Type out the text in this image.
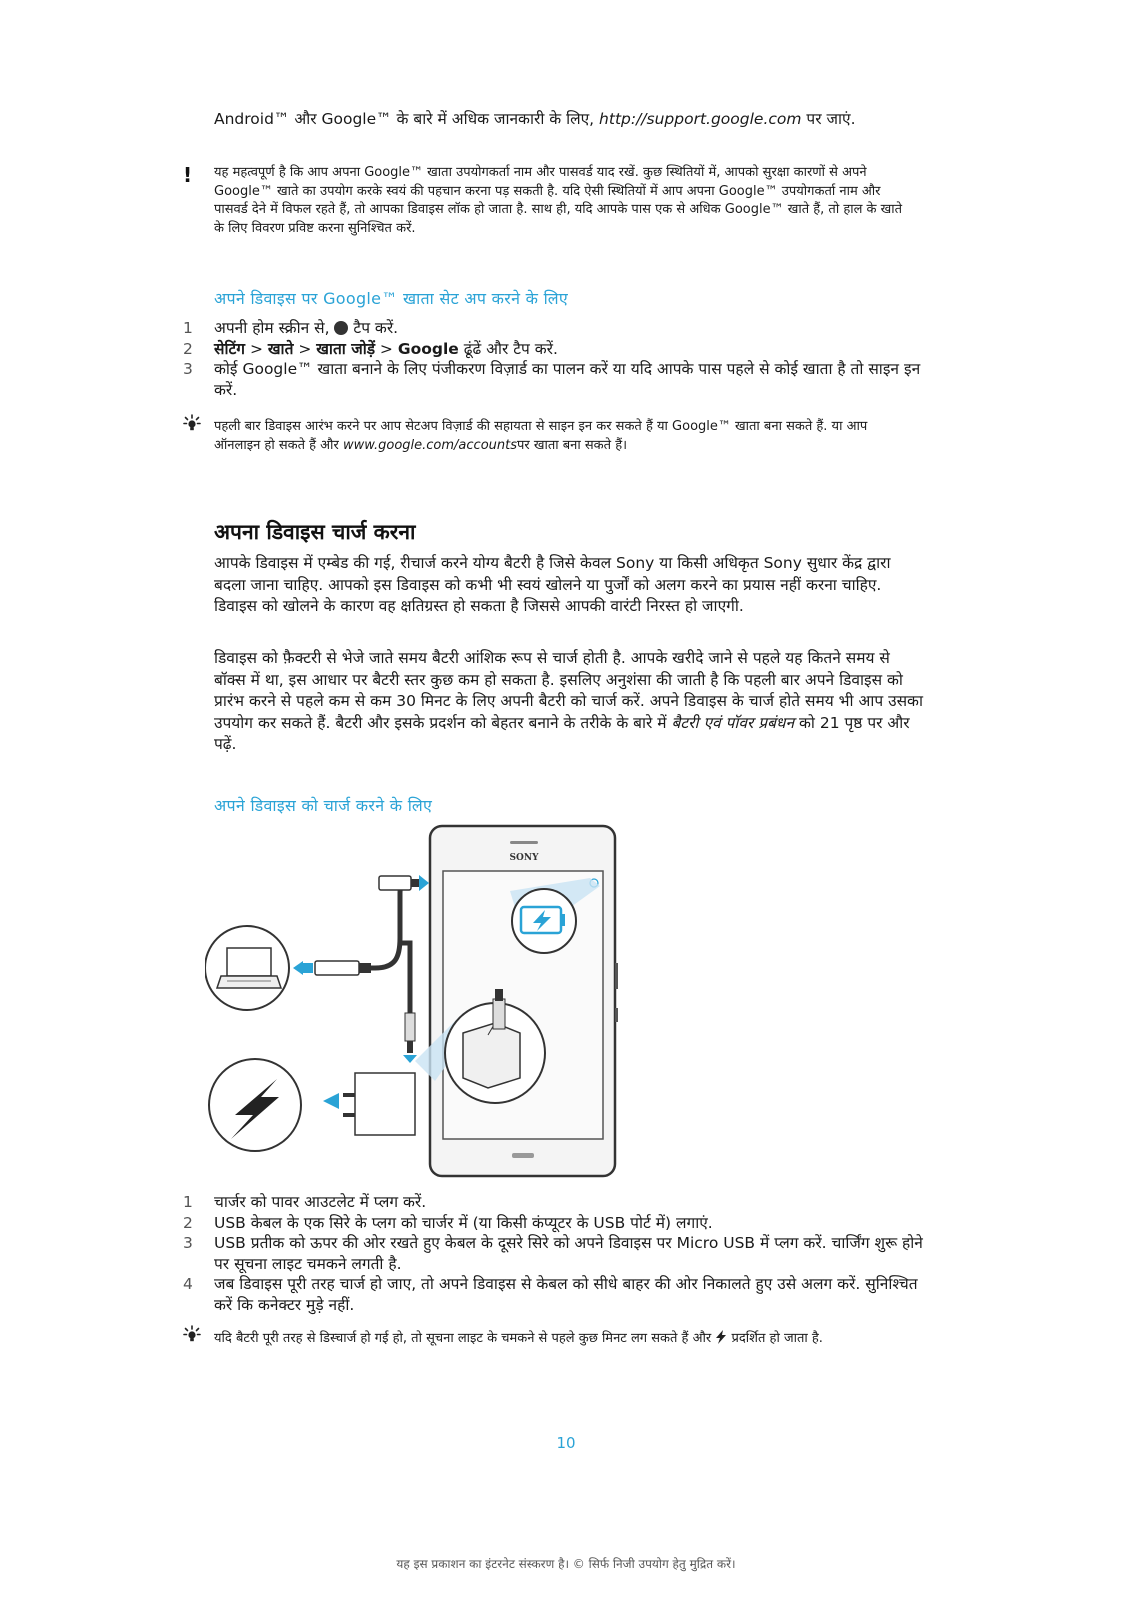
Android™ और Google™ के बारे में अधिक जानकारी के लिए, http://support.google.com पर जाएं.
! यह महत्वपूर्ण है कि आप अपना Google™ खाता उपयोगकर्ता नाम और पासवर्ड याद रखें. कुछ स्थितियों में, आपको सुरक्षा कारणों से अपने Google™ खाते का उपयोग करके स्वयं की पहचान करना पड़ सकती है. यदि ऐसी स्थितियों में आप अपना Google™ उपयोगकर्ता नाम और पासवर्ड देने में विफल रहते हैं, तो आपका डिवाइस लॉक हो जाता है. साथ ही, यदि आपके पास एक से अधिक Google™ खाते हैं, तो हाल के खाते के लिए विवरण प्रविष्ट करना सुनिश्चित करें.
अपने डिवाइस पर Google™ खाता सेट अप करने के लिए
1 अपनी होम स्क्रीन से,  टैप करें.
2 सेटिंग > खाते > खाता जोड़ें > Google ढूंढें और टैप करें.
3 कोई Google™ खाता बनाने के लिए पंजीकरण विज़ार्ड का पालन करें या यदि आपके पास पहले से कोई खाता है तो साइन इन करें.
पहली बार डिवाइस आरंभ करने पर आप सेटअप विज़ार्ड की सहायता से साइन इन कर सकते हैं या Google™ खाता बना सकते हैं. या आप ऑनलाइन हो सकते हैं और www.google.com/accountsपर खाता बना सकते हैं।
अपना डिवाइस चार्ज करना
आपके डिवाइस में एम्बेड की गई, रीचार्ज करने योग्य बैटरी है जिसे केवल Sony या किसी अधिकृत Sony सुधार केंद्र द्वारा बदला जाना चाहिए. आपको इस डिवाइस को कभी भी स्वयं खोलने या पुर्जों को अलग करने का प्रयास नहीं करना चाहिए. डिवाइस को खोलने के कारण वह क्षतिग्रस्त हो सकता है जिससे आपकी वारंटी निरस्त हो जाएगी.
डिवाइस को फ़ैक्टरी से भेजे जाते समय बैटरी आंशिक रूप से चार्ज होती है. आपके खरीदे जाने से पहले यह कितने समय से बॉक्स में था, इस आधार पर बैटरी स्तर कुछ कम हो सकता है. इसलिए अनुशंसा की जाती है कि पहली बार अपने डिवाइस को प्रारंभ करने से पहले कम से कम 30 मिनट के लिए अपनी बैटरी को चार्ज करें. अपने डिवाइस के चार्ज होते समय भी आप उसका उपयोग कर सकते हैं. बैटरी और इसके प्रदर्शन को बेहतर बनाने के तरीके के बारे में बैटरी एवं पॉवर प्रबंधन को 21 पृष्ठ पर और पढ़ें.
अपने डिवाइस को चार्ज करने के लिए
SONY
1 चार्जर को पावर आउटलेट में प्लग करें.
2 USB केबल के एक सिरे के प्लग को चार्जर में (या किसी कंप्यूटर के USB पोर्ट में) लगाएं.
3 USB प्रतीक को ऊपर की ओर रखते हुए केबल के दूसरे सिरे को अपने डिवाइस पर Micro USB में प्लग करें. चार्जिंग शुरू होने पर सूचना लाइट चमकने लगती है.
4 जब डिवाइस पूरी तरह चार्ज हो जाए, तो अपने डिवाइस से केबल को सीधे बाहर की ओर निकालते हुए उसे अलग करें. सुनिश्चित करें कि कनेक्टर मुड़े नहीं.
यदि बैटरी पूरी तरह से डिस्चार्ज हो गई हो, तो सूचना लाइट के चमकने से पहले कुछ मिनट लग सकते हैं और  प्रदर्शित हो जाता है.
10
यह इस प्रकाशन का इंटरनेट संस्करण है। © सिर्फ निजी उपयोग हेतु मुद्रित करें।
